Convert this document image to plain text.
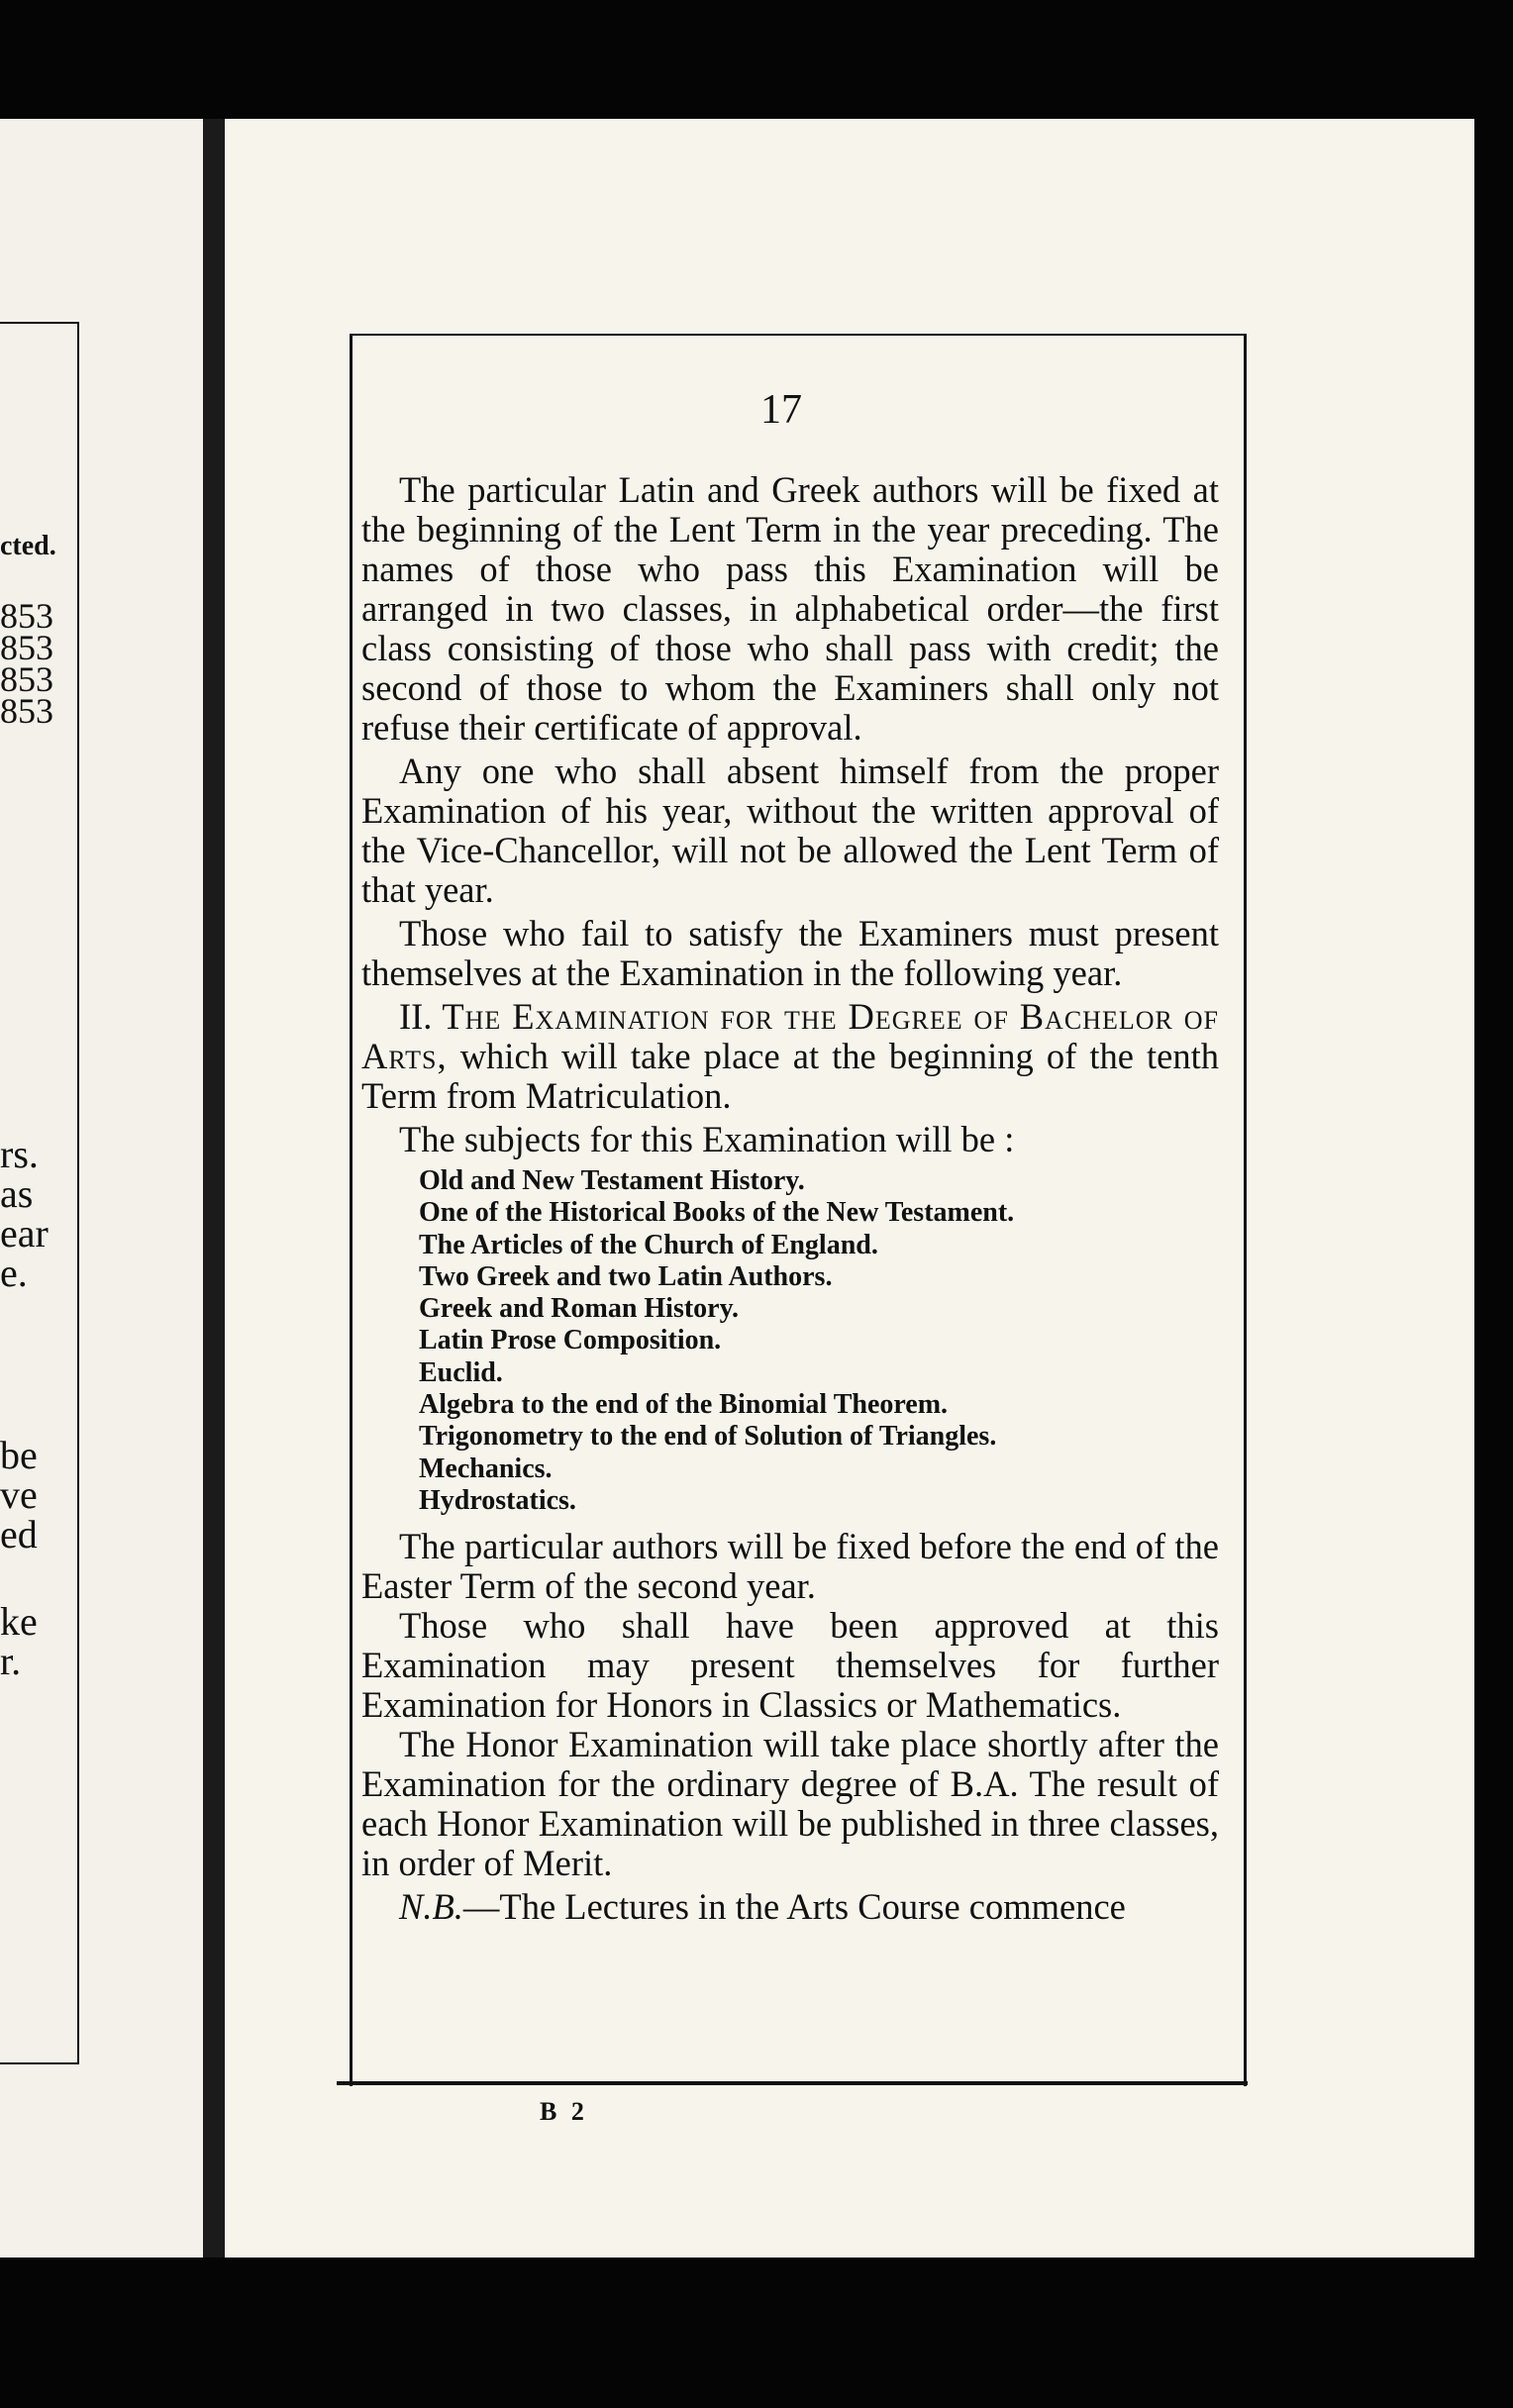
cted.
853
853
853
853
rs.
as
ear
e.
be
ve
ed
ke
r.
17

The particular Latin and Greek authors will be fixed at the beginning of the Lent Term in the year preceding. The names of those who pass this Examination will be arranged in two classes, in alphabetical order—the first class consisting of those who shall pass with credit; the second of those to whom the Examiners shall only not refuse their certificate of approval.

Any one who shall absent himself from the proper Examination of his year, without the written approval of the Vice-Chancellor, will not be allowed the Lent Term of that year.

Those who fail to satisfy the Examiners must present themselves at the Examination in the following year.

II. The Examination for the Degree of Bachelor of Arts, which will take place at the beginning of the tenth Term from Matriculation.

The subjects for this Examination will be :

Old and New Testament History.
One of the Historical Books of the New Testament.
The Articles of the Church of England.
Two Greek and two Latin Authors.
Greek and Roman History.
Latin Prose Composition.
Euclid.
Algebra to the end of the Binomial Theorem.
Trigonometry to the end of Solution of Triangles.
Mechanics.
Hydrostatics.

The particular authors will be fixed before the end of the Easter Term of the second year.

Those who shall have been approved at this Examination may present themselves for further Examination for Honors in Classics or Mathematics.

The Honor Examination will take place shortly after the Examination for the ordinary degree of B.A. The result of each Honor Examination will be published in three classes, in order of Merit.

N.B.—The Lectures in the Arts Course commence

B 2
